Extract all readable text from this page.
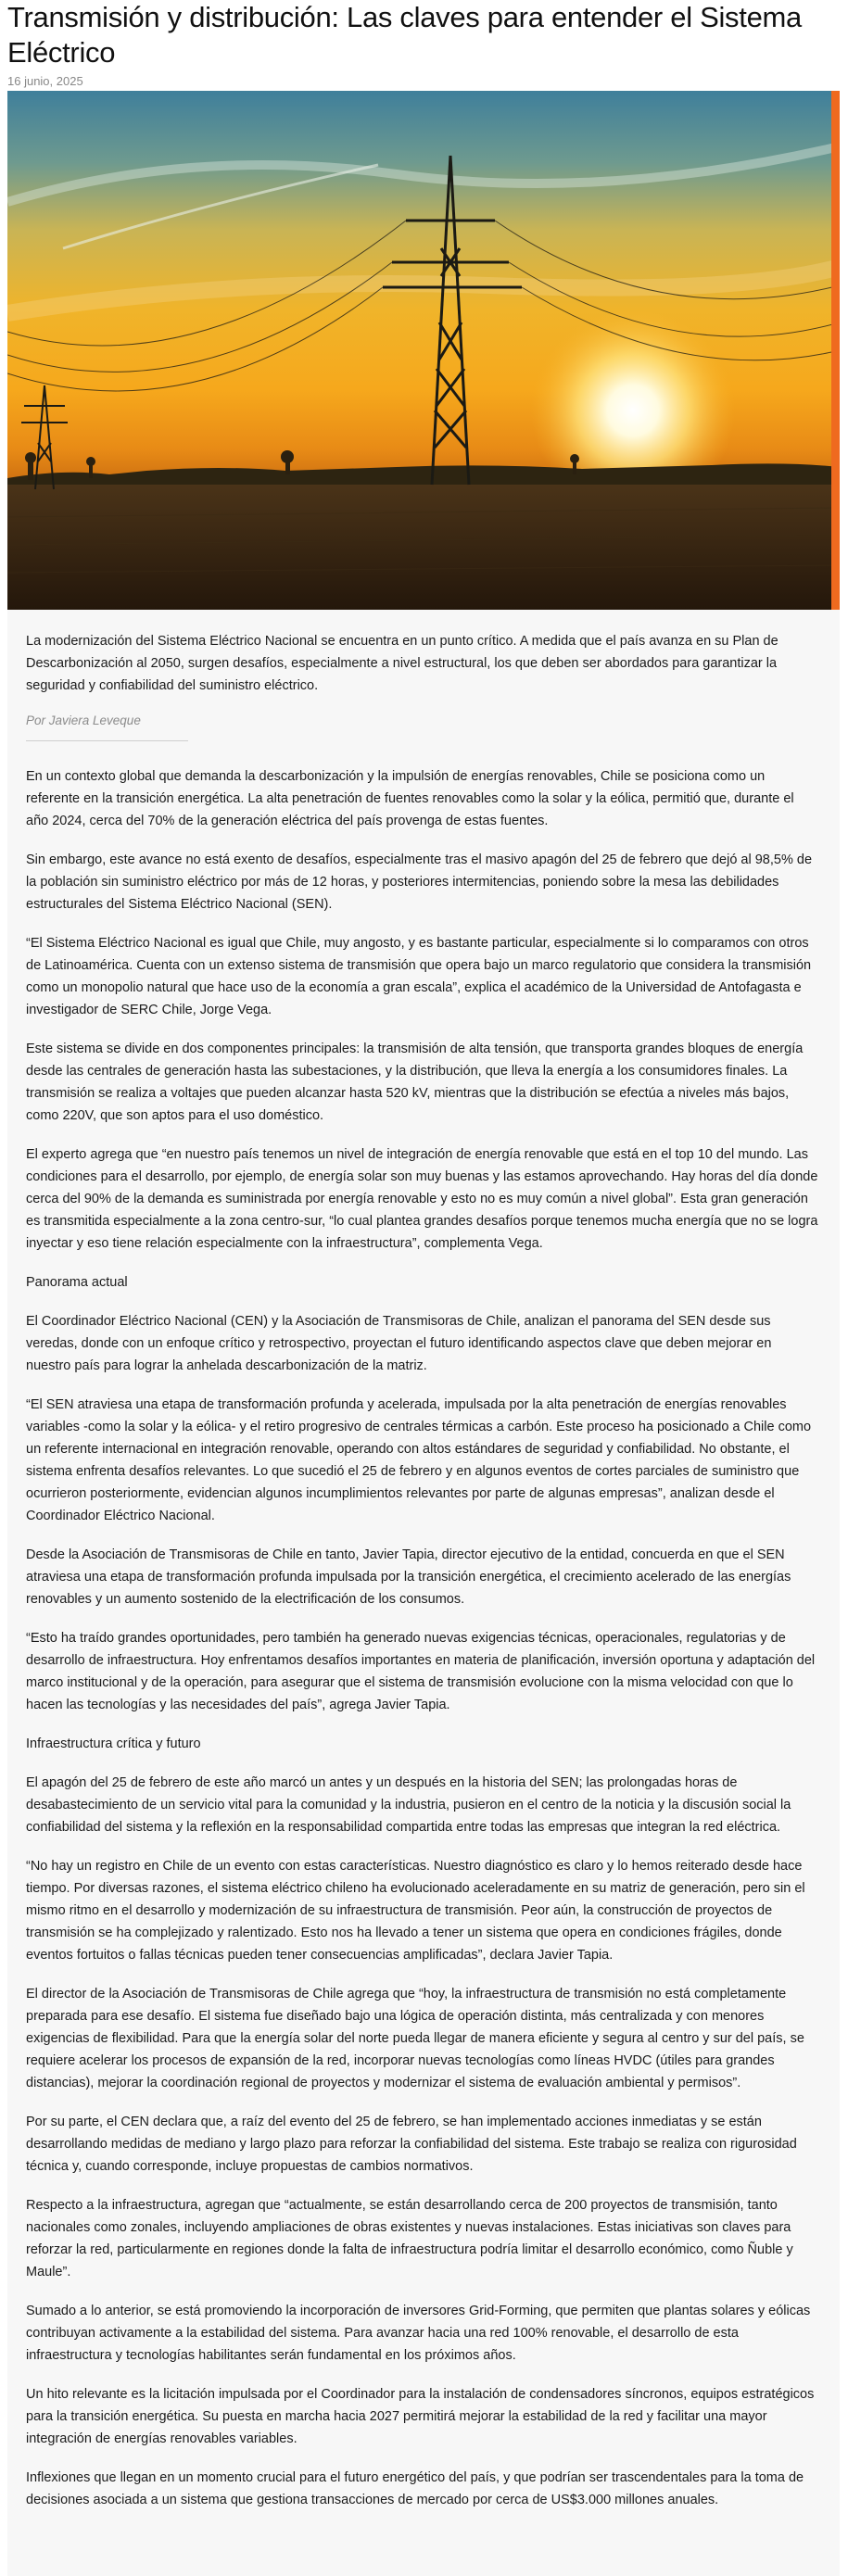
Transmisión y distribución: Las claves para entender el Sistema Eléctrico
16 junio, 2025

La modernización del Sistema Eléctrico Nacional se encuentra en un punto crítico. A medida que el país avanza en su Plan de Descarbonización al 2050, surgen desafíos, especialmente a nivel estructural, los que deben ser abordados para garantizar la seguridad y confiabilidad del suministro eléctrico.

Por Javiera Leveque

En un contexto global que demanda la descarbonización y la impulsión de energías renovables, Chile se posiciona como un referente en la transición energética. La alta penetración de fuentes renovables como la solar y la eólica, permitió que, durante el año 2024, cerca del 70% de la generación eléctrica del país provenga de estas fuentes.

Sin embargo, este avance no está exento de desafíos, especialmente tras el masivo apagón del 25 de febrero que dejó al 98,5% de la población sin suministro eléctrico por más de 12 horas, y posteriores intermitencias, poniendo sobre la mesa las debilidades estructurales del Sistema Eléctrico Nacional (SEN).

“El Sistema Eléctrico Nacional es igual que Chile, muy angosto, y es bastante particular, especialmente si lo comparamos con otros de Latinoamérica. Cuenta con un extenso sistema de transmisión que opera bajo un marco regulatorio que considera la transmisión como un monopolio natural que hace uso de la economía a gran escala”, explica el académico de la Universidad de Antofagasta e investigador de SERC Chile, Jorge Vega.

Este sistema se divide en dos componentes principales: la transmisión de alta tensión, que transporta grandes bloques de energía desde las centrales de generación hasta las subestaciones, y la distribución, que lleva la energía a los consumidores finales. La transmisión se realiza a voltajes que pueden alcanzar hasta 520 kV, mientras que la distribución se efectúa a niveles más bajos, como 220V, que son aptos para el uso doméstico.

El experto agrega que “en nuestro país tenemos un nivel de integración de energía renovable que está en el top 10 del mundo. Las condiciones para el desarrollo, por ejemplo, de energía solar son muy buenas y las estamos aprovechando. Hay horas del día donde cerca del 90% de la demanda es suministrada por energía renovable y esto no es muy común a nivel global”. Esta gran generación es transmitida especialmente a la zona centro-sur, “lo cual plantea grandes desafíos porque tenemos mucha energía que no se logra inyectar y eso tiene relación especialmente con la infraestructura”, complementa Vega.

Panorama actual

El Coordinador Eléctrico Nacional (CEN) y la Asociación de Transmisoras de Chile, analizan el panorama del SEN desde sus veredas, donde con un enfoque crítico y retrospectivo, proyectan el futuro identificando aspectos clave que deben mejorar en nuestro país para lograr la anhelada descarbonización de la matriz.

“El SEN atraviesa una etapa de transformación profunda y acelerada, impulsada por la alta penetración de energías renovables variables -como la solar y la eólica- y el retiro progresivo de centrales térmicas a carbón. Este proceso ha posicionado a Chile como un referente internacional en integración renovable, operando con altos estándares de seguridad y confiabilidad. No obstante, el sistema enfrenta desafíos relevantes. Lo que sucedió el 25 de febrero y en algunos eventos de cortes parciales de suministro que ocurrieron posteriormente, evidencian algunos incumplimientos relevantes por parte de algunas empresas”, analizan desde el Coordinador Eléctrico Nacional.

Desde la Asociación de Transmisoras de Chile en tanto, Javier Tapia, director ejecutivo de la entidad, concuerda en que el SEN atraviesa una etapa de transformación profunda impulsada por la transición energética, el crecimiento acelerado de las energías renovables y un aumento sostenido de la electrificación de los consumos.

“Esto ha traído grandes oportunidades, pero también ha generado nuevas exigencias técnicas, operacionales, regulatorias y de desarrollo de infraestructura. Hoy enfrentamos desafíos importantes en materia de planificación, inversión oportuna y adaptación del marco institucional y de la operación, para asegurar que el sistema de transmisión evolucione con la misma velocidad con que lo hacen las tecnologías y las necesidades del país”, agrega Javier Tapia.

Infraestructura crítica y futuro

El apagón del 25 de febrero de este año marcó un antes y un después en la historia del SEN; las prolongadas horas de desabastecimiento de un servicio vital para la comunidad y la industria, pusieron en el centro de la noticia y la discusión social la confiabilidad del sistema y la reflexión en la responsabilidad compartida entre todas las empresas que integran la red eléctrica.

“No hay un registro en Chile de un evento con estas características. Nuestro diagnóstico es claro y lo hemos reiterado desde hace tiempo. Por diversas razones, el sistema eléctrico chileno ha evolucionado aceleradamente en su matriz de generación, pero sin el mismo ritmo en el desarrollo y modernización de su infraestructura de transmisión. Peor aún, la construcción de proyectos de transmisión se ha complejizado y ralentizado. Esto nos ha llevado a tener un sistema que opera en condiciones frágiles, donde eventos fortuitos o fallas técnicas pueden tener consecuencias amplificadas”, declara Javier Tapia.

El director de la Asociación de Transmisoras de Chile agrega que “hoy, la infraestructura de transmisión no está completamente preparada para ese desafío. El sistema fue diseñado bajo una lógica de operación distinta, más centralizada y con menores exigencias de flexibilidad. Para que la energía solar del norte pueda llegar de manera eficiente y segura al centro y sur del país, se requiere acelerar los procesos de expansión de la red, incorporar nuevas tecnologías como líneas HVDC (útiles para grandes distancias), mejorar la coordinación regional de proyectos y modernizar el sistema de evaluación ambiental y permisos”.

Por su parte, el CEN declara que, a raíz del evento del 25 de febrero, se han implementado acciones inmediatas y se están desarrollando medidas de mediano y largo plazo para reforzar la confiabilidad del sistema. Este trabajo se realiza con rigurosidad técnica y, cuando corresponde, incluye propuestas de cambios normativos.

Respecto a la infraestructura, agregan que “actualmente, se están desarrollando cerca de 200 proyectos de transmisión, tanto nacionales como zonales, incluyendo ampliaciones de obras existentes y nuevas instalaciones. Estas iniciativas son claves para reforzar la red, particularmente en regiones donde la falta de infraestructura podría limitar el desarrollo económico, como Ñuble y Maule”.

Sumado a lo anterior, se está promoviendo la incorporación de inversores Grid-Forming, que permiten que plantas solares y eólicas contribuyan activamente a la estabilidad del sistema. Para avanzar hacia una red 100% renovable, el desarrollo de esta infraestructura y tecnologías habilitantes serán fundamental en los próximos años.

Un hito relevante es la licitación impulsada por el Coordinador para la instalación de condensadores síncronos, equipos estratégicos para la transición energética. Su puesta en marcha hacia 2027 permitirá mejorar la estabilidad de la red y facilitar una mayor integración de energías renovables variables.

Inflexiones que llegan en un momento crucial para el futuro energético del país, y que podrían ser trascendentales para la toma de decisiones asociada a un sistema que gestiona transacciones de mercado por cerca de US$3.000 millones anuales.
